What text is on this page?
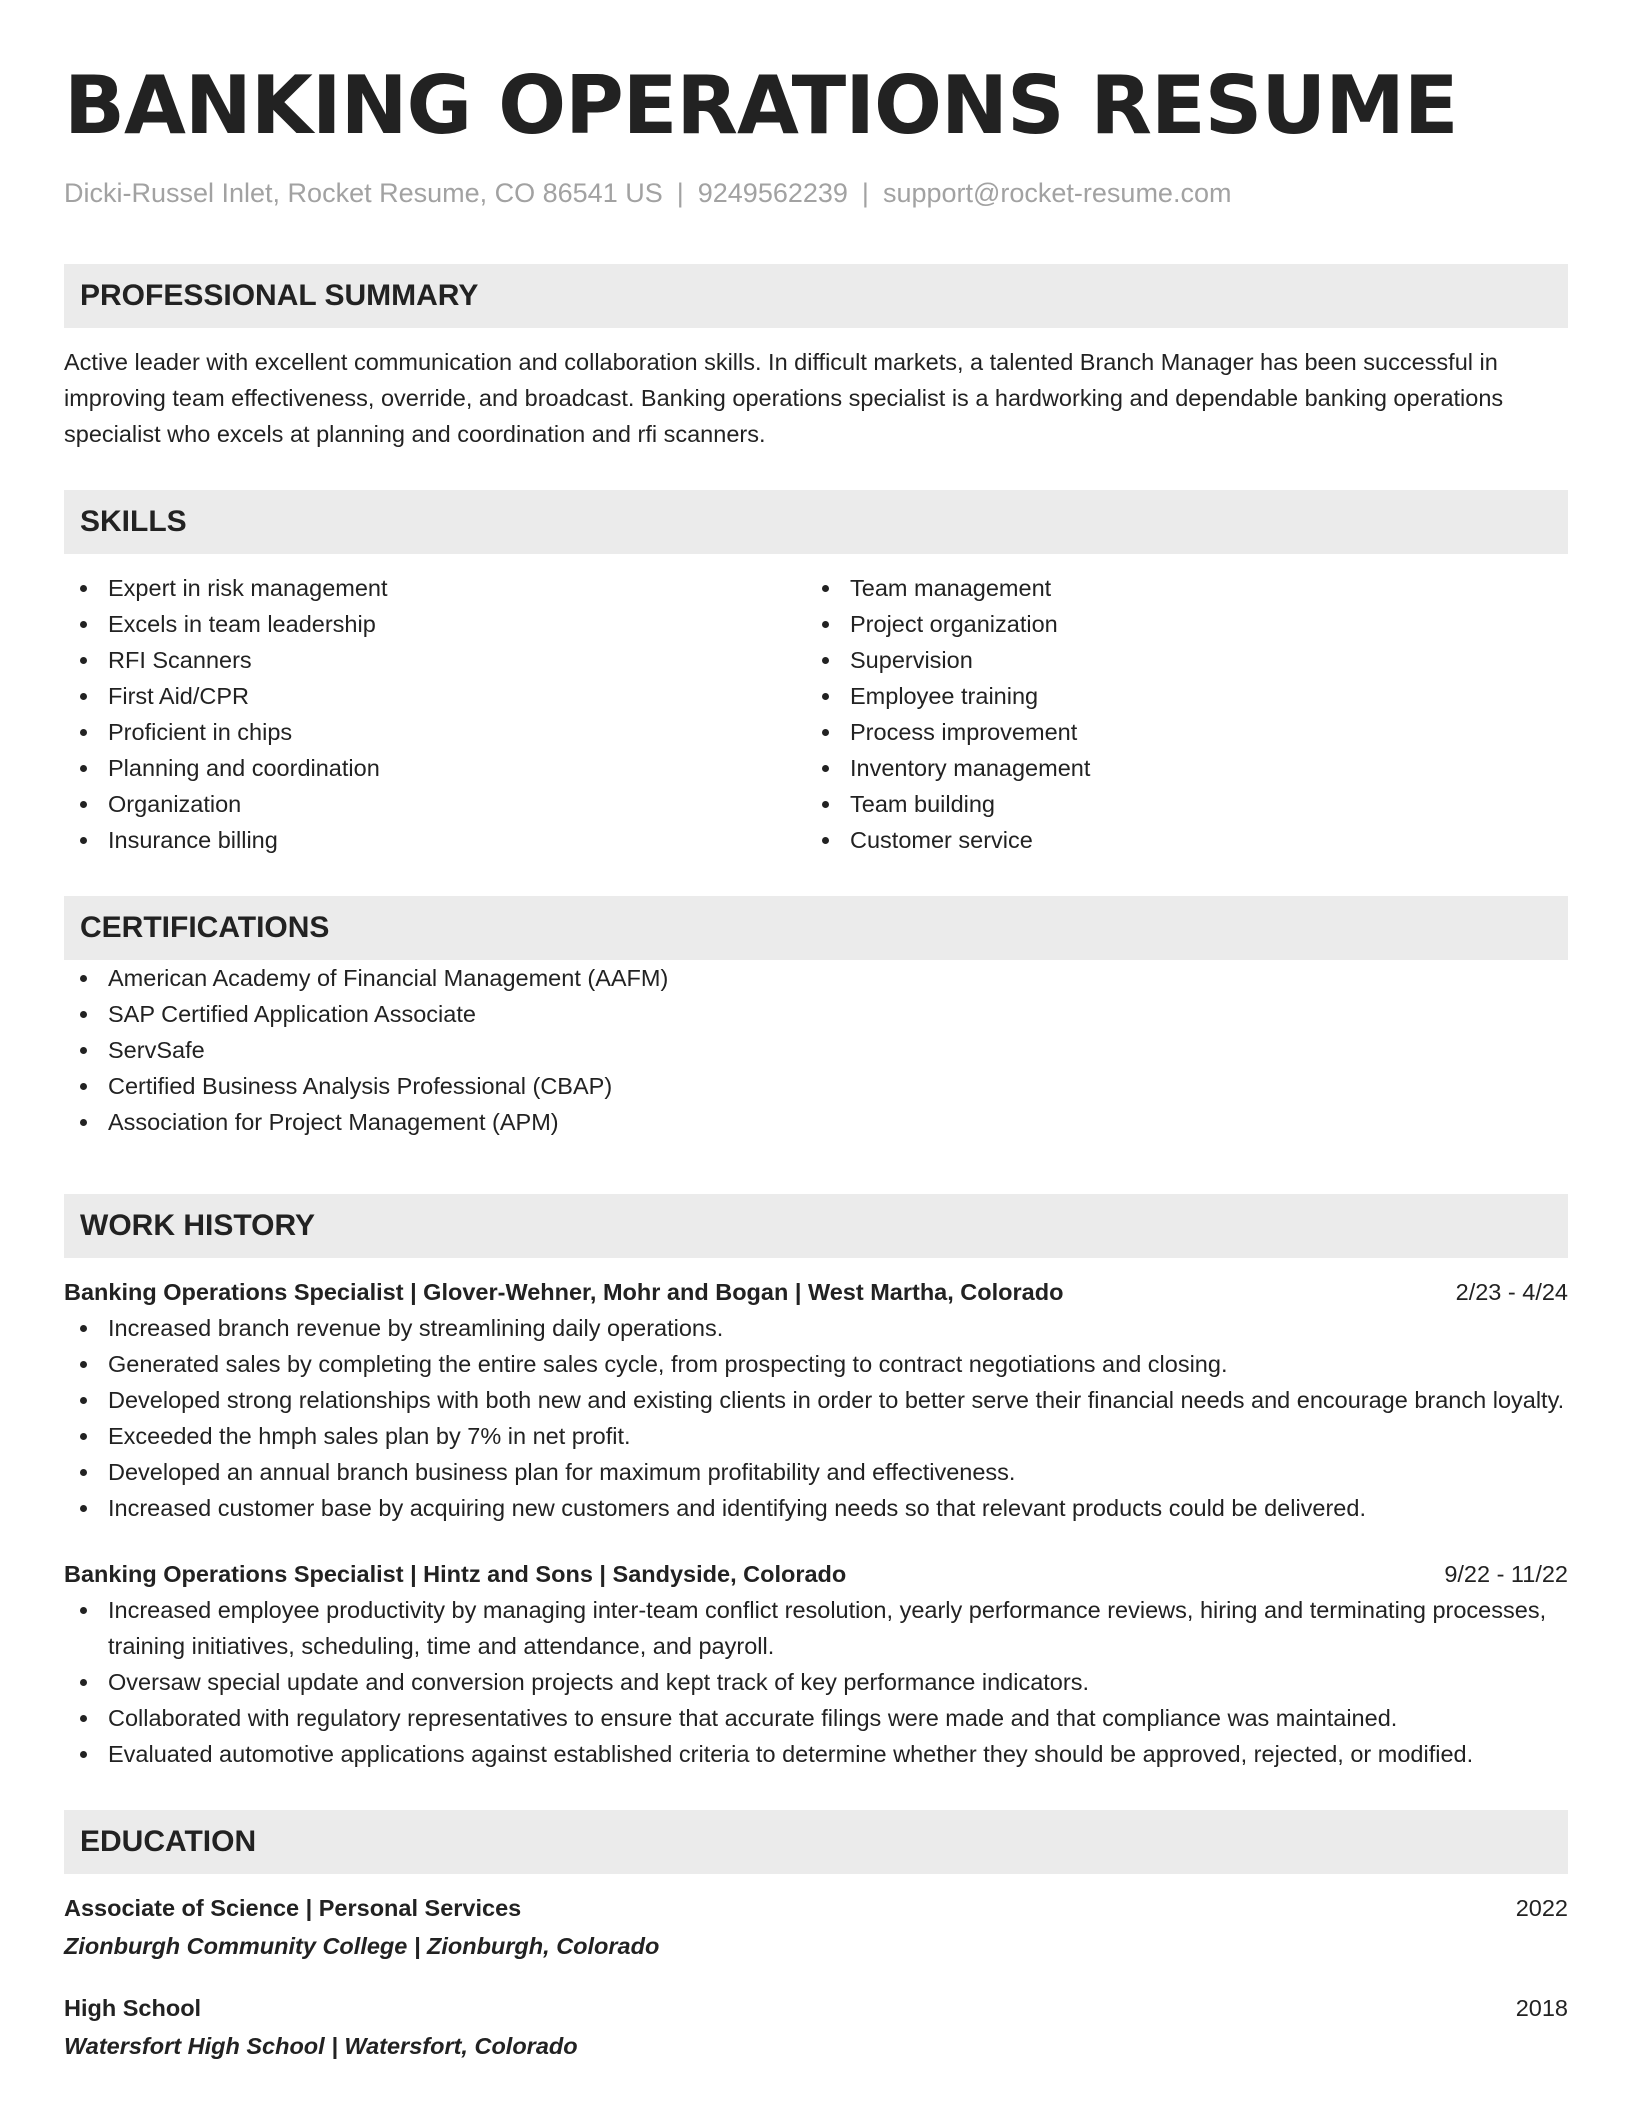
BANKING OPERATIONS RESUME
Dicki-Russel Inlet, Rocket Resume, CO 86541 US | 9249562239 | support@rocket-resume.com
PROFESSIONAL SUMMARY
Active leader with excellent communication and collaboration skills. In difficult markets, a talented Branch Manager has been successful in improving team effectiveness, override, and broadcast. Banking operations specialist is a hardworking and dependable banking operations specialist who excels at planning and coordination and rfi scanners.
SKILLS
Expert in risk management
Excels in team leadership
RFI Scanners
First Aid/CPR
Proficient in chips
Planning and coordination
Organization
Insurance billing
Team management
Project organization
Supervision
Employee training
Process improvement
Inventory management
Team building
Customer service
CERTIFICATIONS
American Academy of Financial Management (AAFM)
SAP Certified Application Associate
ServSafe
Certified Business Analysis Professional (CBAP)
Association for Project Management (APM)
WORK HISTORY
Banking Operations Specialist | Glover-Wehner, Mohr and Bogan | West Martha, Colorado	2/23 - 4/24
Increased branch revenue by streamlining daily operations.
Generated sales by completing the entire sales cycle, from prospecting to contract negotiations and closing.
Developed strong relationships with both new and existing clients in order to better serve their financial needs and encourage branch loyalty.
Exceeded the hmph sales plan by 7% in net profit.
Developed an annual branch business plan for maximum profitability and effectiveness.
Increased customer base by acquiring new customers and identifying needs so that relevant products could be delivered.
Banking Operations Specialist | Hintz and Sons | Sandyside, Colorado	9/22 - 11/22
Increased employee productivity by managing inter-team conflict resolution, yearly performance reviews, hiring and terminating processes, training initiatives, scheduling, time and attendance, and payroll.
Oversaw special update and conversion projects and kept track of key performance indicators.
Collaborated with regulatory representatives to ensure that accurate filings were made and that compliance was maintained.
Evaluated automotive applications against established criteria to determine whether they should be approved, rejected, or modified.
EDUCATION
Associate of Science | Personal Services	2022
Zionburgh Community College | Zionburgh, Colorado
High School	2018
Watersfort High School | Watersfort, Colorado
